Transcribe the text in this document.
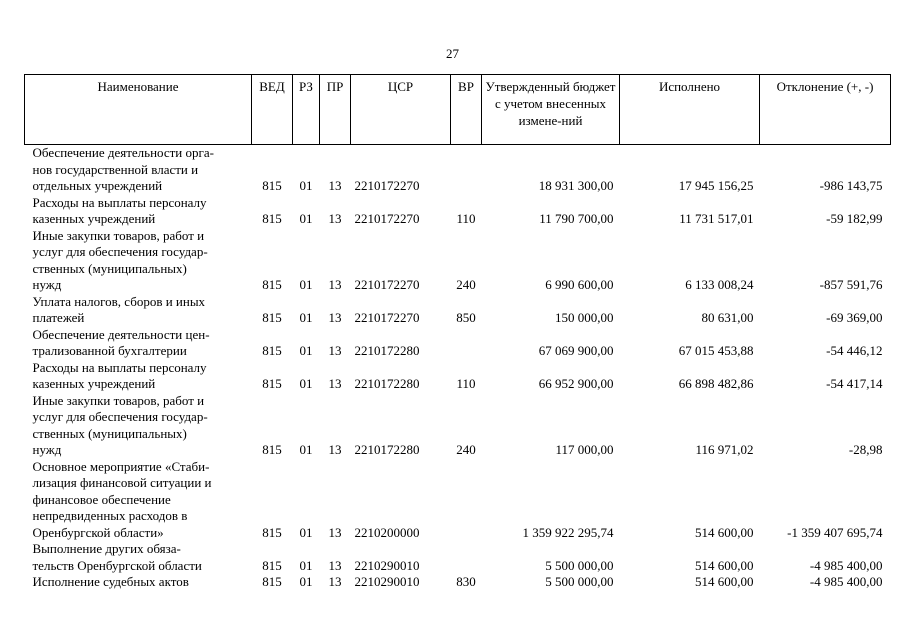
27
Наименование	ВЕД	РЗ	ПР	ЦСР	ВР	Утвержденный бюджет с учетом внесенных измене-ний	Исполнено	Отклонение (+, -)
Обеспечение деятельности орга-
нов государственной власти и
отдельных учреждений	815	01	13	2210172270		18 931 300,00	17 945 156,25	-986 143,75
Расходы на выплаты персоналу
казенных учреждений	815	01	13	2210172270	110	11 790 700,00	11 731 517,01	-59 182,99
Иные закупки товаров, работ и
услуг для обеспечения государ-
ственных (муниципальных)
нужд	815	01	13	2210172270	240	6 990 600,00	6 133 008,24	-857 591,76
Уплата налогов, сборов и иных
платежей	815	01	13	2210172270	850	150 000,00	80 631,00	-69 369,00
Обеспечение деятельности цен-
трализованной бухгалтерии	815	01	13	2210172280		67 069 900,00	67 015 453,88	-54 446,12
Расходы на выплаты персоналу
казенных учреждений	815	01	13	2210172280	110	66 952 900,00	66 898 482,86	-54 417,14
Иные закупки товаров, работ и
услуг для обеспечения государ-
ственных (муниципальных)
нужд	815	01	13	2210172280	240	117 000,00	116 971,02	-28,98
Основное мероприятие «Стаби-
лизация финансовой ситуации и
финансовое обеспечение
непредвиденных расходов в
Оренбургской области»	815	01	13	2210200000		1 359 922 295,74	514 600,00	-1 359 407 695,74
Выполнение других обяза-
тельств Оренбургской области	815	01	13	2210290010		5 500 000,00	514 600,00	-4 985 400,00
Исполнение судебных актов	815	01	13	2210290010	830	5 500 000,00	514 600,00	-4 985 400,00
